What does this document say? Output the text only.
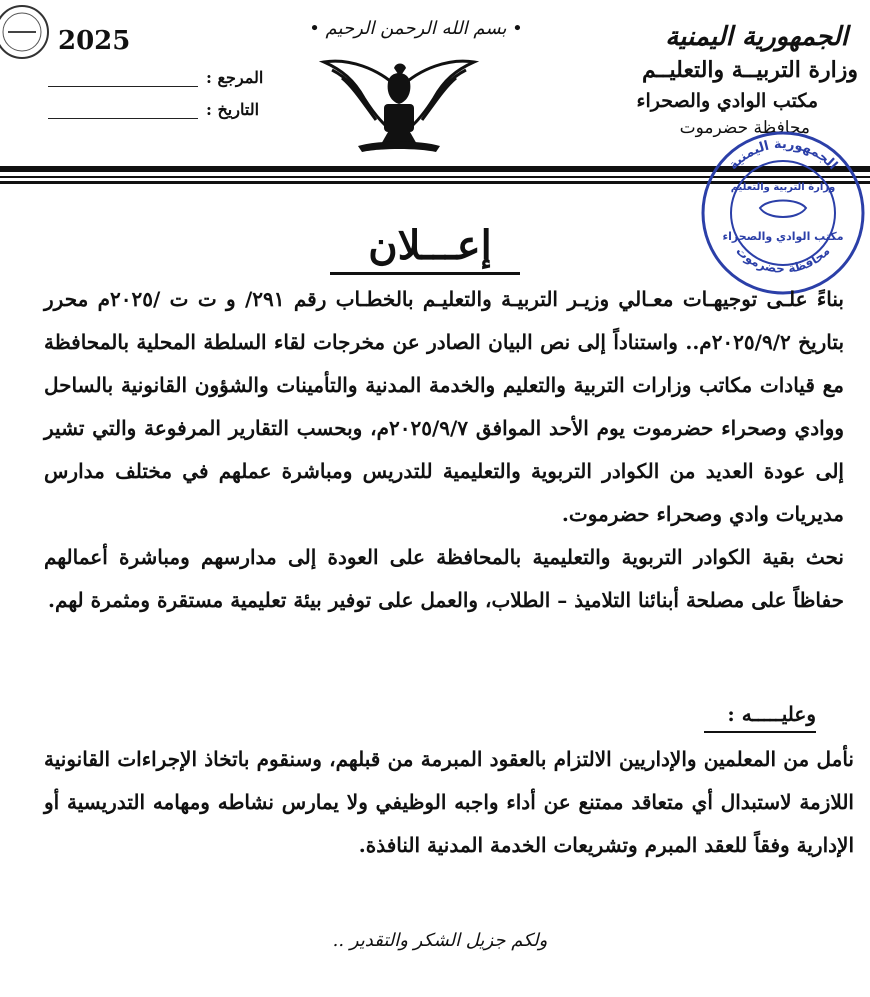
2025
المرجع :
التاريخ :
• بسم الله الرحمن الرحيم •	الجمهورية اليمنية
وزارة التربيــة والتعليــم
مكتب الوادي والصحراء
محافظة حضرموت
الجمهورية اليمنية
محافظة حضرموت
وزارة التربية والتعليم
مكتب الوادي والصحراء
إعـــلان

بناءً علـى توجيهـات معـالي وزيـر التربيـة والتعليـم بالخطـاب رقم ٢٩١/ و ت ت /٢٠٢٥م محرر بتاريخ ٢٠٢٥/٩/٢م.. واستناداً إلى نص البيان الصادر عن مخرجات لقاء السلطة المحلية بالمحافظة مع قيادات مكاتب وزارات التربية والتعليم والخدمة المدنية والتأمينات والشؤون القانونية بالساحل ووادي وصحراء حضرموت يوم الأحد الموافق ٢٠٢٥/٩/٧م، وبحسب التقارير المرفوعة والتي تشير إلى عودة العديد من الكوادر التربوية والتعليمية للتدريس ومباشرة عملهم في مختلف مدارس مديريات وادي وصحراء حضرموت.

نحث بقية الكوادر التربوية والتعليمية بالمحافظة على العودة إلى مدارسهم ومباشرة أعمالهم حفاظاً على مصلحة أبنائنا التلاميذ – الطلاب، والعمل على توفير بيئة تعليمية مستقرة ومثمرة لهم.

وعليـــــه :

نأمل من المعلمين والإداريين الالتزام بالعقود المبرمة من قبلهم، وسنقوم باتخاذ الإجراءات القانونية اللازمة لاستبدال أي متعاقد ممتنع عن أداء واجبه الوظيفي ولا يمارس نشاطه ومهامه التدريسية أو الإدارية وفقاً للعقد المبرم وتشريعات الخدمة المدنية النافذة.

ولكم جزيل الشكر والتقدير ..
